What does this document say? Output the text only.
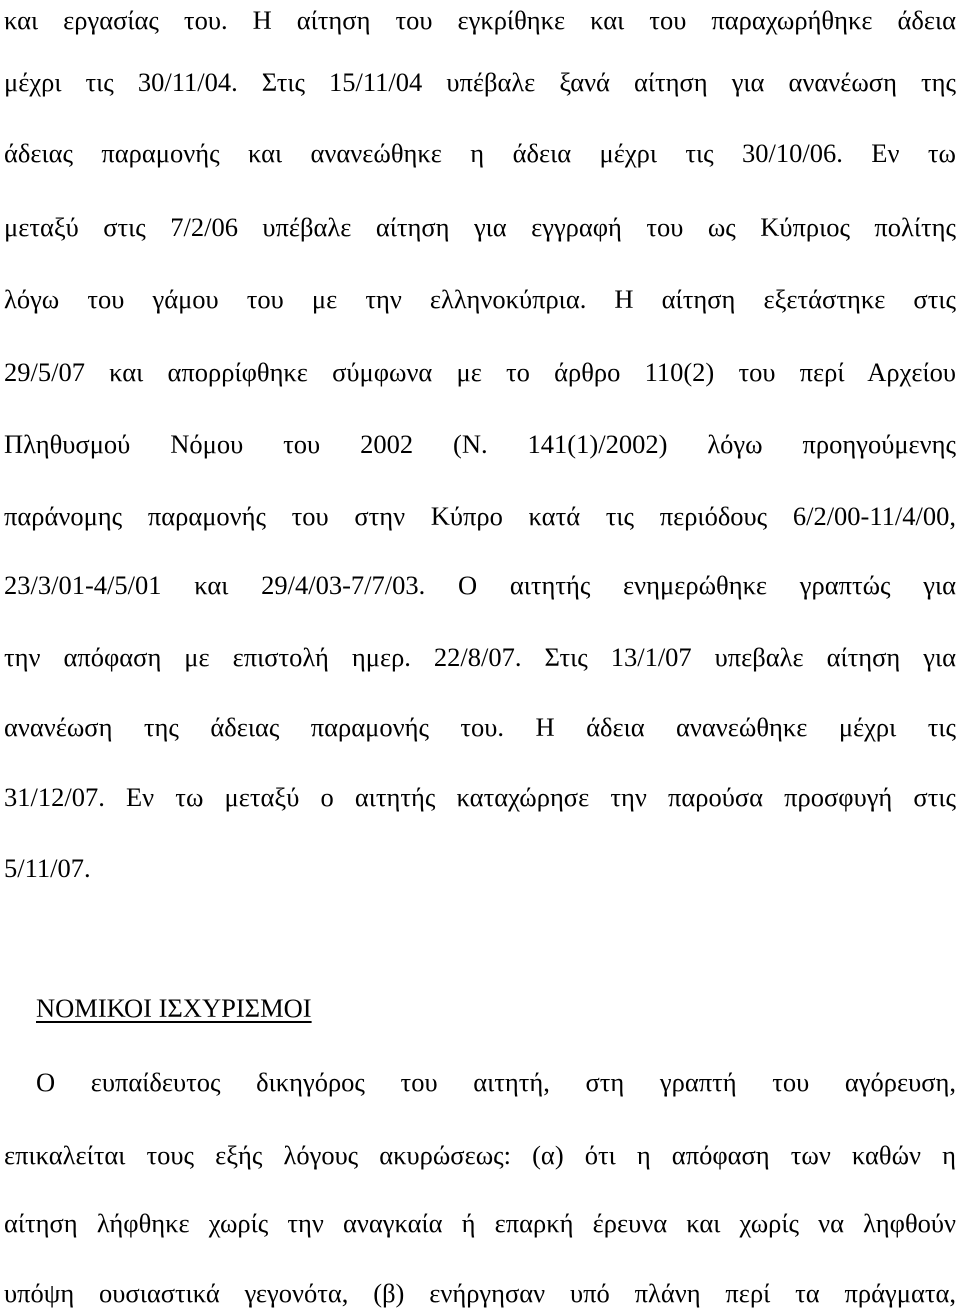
και εργασίας του. Η αίτηση του εγκρίθηκε και του παραχωρήθηκε άδεια
μέχρι τις 30/11/04. Στις 15/11/04 υπέβαλε ξανά αίτηση για ανανέωση της
άδειας παραμονής και ανανεώθηκε η άδεια μέχρι τις 30/10/06. Εν τω
μεταξύ στις 7/2/06 υπέβαλε αίτηση για εγγραφή του ως Κύπριος πολίτης
λόγω του γάμου του με την ελληνοκύπρια. Η αίτηση εξετάστηκε στις
29/5/07 και απορρίφθηκε σύμφωνα με το άρθρο 110(2) του περί Αρχείου
Πληθυσμού Νόμου του 2002 (Ν. 141(1)/2002) λόγω προηγούμενης
παράνομης παραμονής του στην Κύπρο κατά τις περιόδους 6/2/00-11/4/00,
23/3/01-4/5/01 και 29/4/03-7/7/03. Ο αιτητής ενημερώθηκε γραπτώς για
την απόφαση με επιστολή ημερ. 22/8/07. Στις 13/1/07 υπεβαλε αίτηση για
ανανέωση της άδειας παραμονής του. Η άδεια ανανεώθηκε μέχρι τις
31/12/07. Εν τω μεταξύ ο αιτητής καταχώρησε την παρούσα προσφυγή στις
5/11/07.
ΝΟΜΙΚΟΙ ΙΣΧΥΡΙΣΜΟΙ
Ο ευπαίδευτος δικηγόρος του αιτητή, στη γραπτή του αγόρευση,
επικαλείται τους εξής λόγους ακυρώσεως: (α) ότι η απόφαση των καθών η
αίτηση λήφθηκε χωρίς την αναγκαία ή επαρκή έρευνα και χωρίς να ληφθούν
υπόψη ουσιαστικά γεγονότα, (β) ενήργησαν υπό πλάνη περί τα πράγματα,
